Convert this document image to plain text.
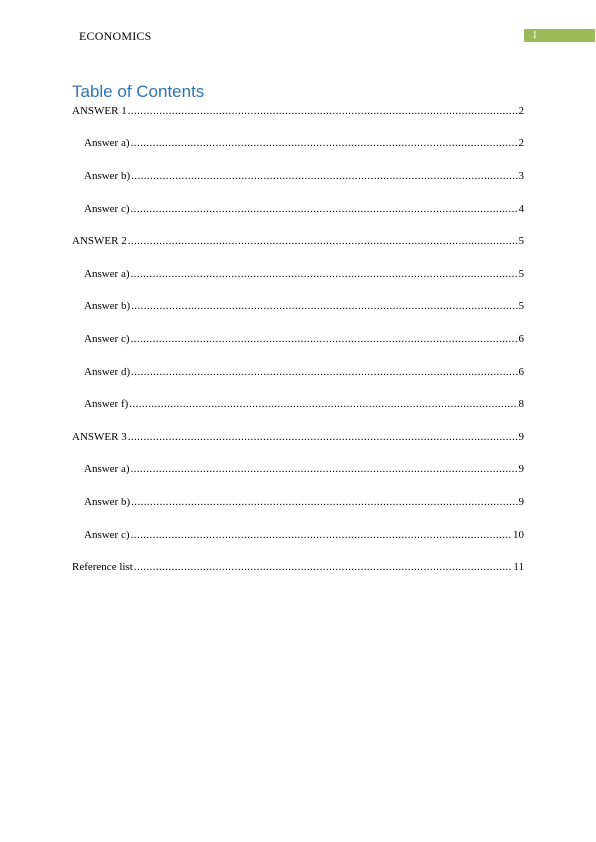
ECONOMICS	1
Table of Contents
ANSWER 1 .....	2
Answer a) .....	2
Answer b) .....	3
Answer c) .....	4
ANSWER 2 .....	5
Answer a) .....	5
Answer b) .....	5
Answer c) .....	6
Answer d) .....	6
Answer f) .....	8
ANSWER 3 .....	9
Answer a) .....	9
Answer b) .....	9
Answer c) .....	10
Reference list .....	11
